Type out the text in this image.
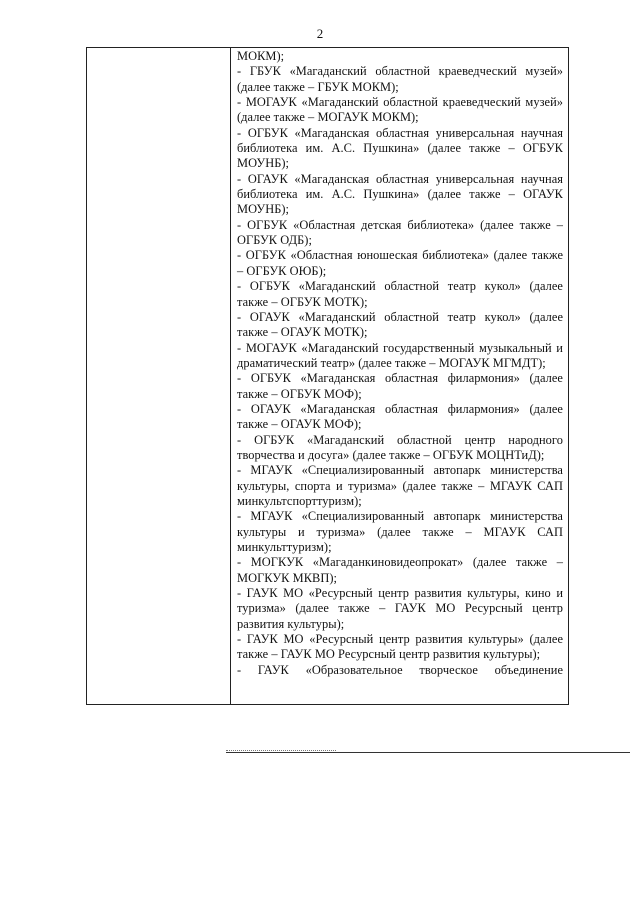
2

МОКМ);

- ГБУК «Магаданский областной краеведческий музей» (далее также – ГБУК МОКМ);

- МОГАУК «Магаданский областной краеведческий музей» (далее также – МОГАУК МОКМ);

- ОГБУК «Магаданская областная универсальная научная библиотека им. А.С. Пушкина» (далее также – ОГБУК МОУНБ);

- ОГАУК «Магаданская областная универсальная научная библиотека им. А.С. Пушкина» (далее также – ОГАУК МОУНБ);

- ОГБУК «Областная детская библиотека» (далее также – ОГБУК ОДБ);

- ОГБУК «Областная юношеская библиотека» (далее также – ОГБУК ОЮБ);

- ОГБУК «Магаданский областной театр кукол» (далее также – ОГБУК МОТК);

- ОГАУК «Магаданский областной театр кукол» (далее также – ОГАУК МОТК);

- МОГАУК «Магаданский государственный музыкальный и драматический театр» (далее также – МОГАУК МГМДТ);

- ОГБУК «Магаданская областная филармония» (далее также – ОГБУК МОФ);

- ОГАУК «Магаданская областная филармония» (далее также – ОГАУК МОФ);

- ОГБУК «Магаданский областной центр народного творчества и досуга» (далее также – ОГБУК МОЦНТиД);

- МГАУК «Специализированный автопарк министерства культуры, спорта и туризма» (далее также – МГАУК САП минкультспорттуризм);

- МГАУК «Специализированный автопарк министерства культуры и туризма» (далее также – МГАУК САП минкульттуризм);

- МОГКУК «Магаданкиновидеопрокат» (далее также – МОГКУК МКВП);

- ГАУК МО «Ресурсный центр развития культуры, кино и туризма» (далее также – ГАУК МО Ресурсный центр развития культуры);

- ГАУК МО «Ресурсный центр развития культуры» (далее также – ГАУК МО Ресурсный центр развития культуры);

- ГАУК «Образовательное творческое объединение
